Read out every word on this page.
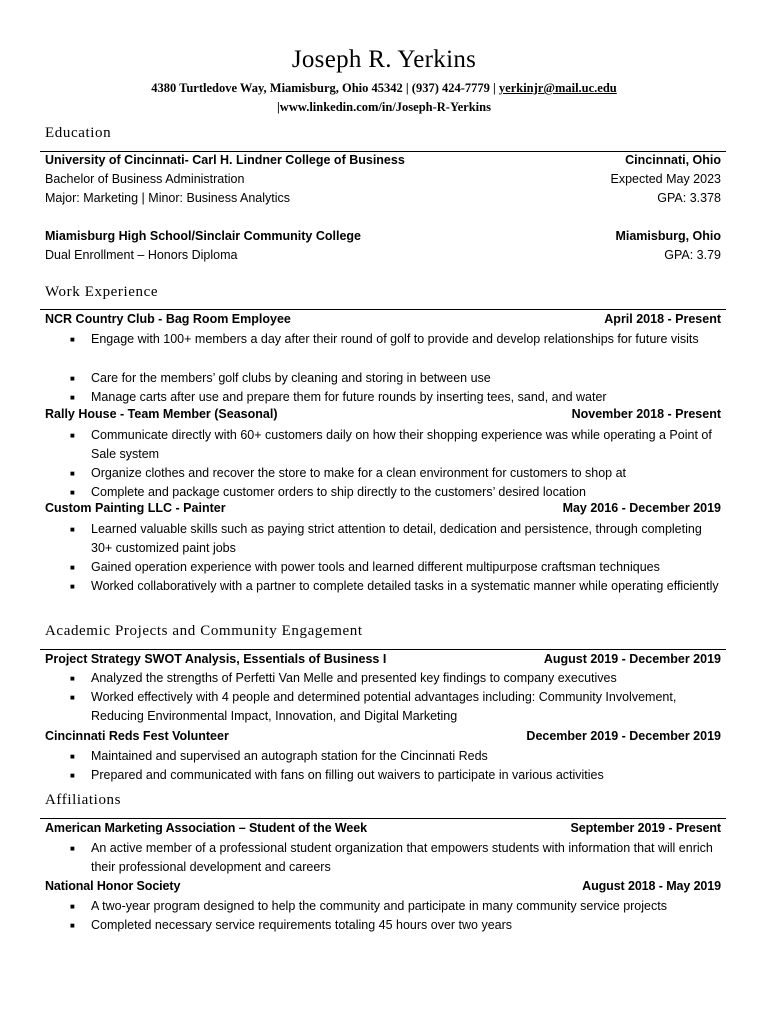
Joseph R. Yerkins
4380 Turtledove Way, Miamisburg, Ohio 45342 | (937) 424-7779 | yerkinjr@mail.uc.edu
|www.linkedin.com/in/Joseph-R-Yerkins
Education
University of Cincinnati- Carl H. Lindner College of Business	Cincinnati, Ohio
Bachelor of Business Administration	Expected May 2023
Major: Marketing | Minor: Business Analytics	GPA: 3.378
Miamisburg High School/Sinclair Community College	Miamisburg, Ohio
Dual Enrollment – Honors Diploma	GPA: 3.79
Work Experience
NCR Country Club - Bag Room Employee	April 2018 - Present
■ Engage with 100+ members a day after their round of golf to provide and develop relationships for future visits
■ Care for the members’ golf clubs by cleaning and storing in between use
■ Manage carts after use and prepare them for future rounds by inserting tees, sand, and water
Rally House - Team Member (Seasonal)	November 2018 - Present
■ Communicate directly with 60+ customers daily on how their shopping experience was while operating a Point of Sale system
■ Organize clothes and recover the store to make for a clean environment for customers to shop at
■ Complete and package customer orders to ship directly to the customers’ desired location
Custom Painting LLC - Painter	May 2016 - December 2019
■ Learned valuable skills such as paying strict attention to detail, dedication and persistence, through completing 30+ customized paint jobs
■ Gained operation experience with power tools and learned different multipurpose craftsman techniques
■ Worked collaboratively with a partner to complete detailed tasks in a systematic manner while operating efficiently
Academic Projects and Community Engagement
Project Strategy SWOT Analysis, Essentials of Business I	August 2019 - December 2019
■ Analyzed the strengths of Perfetti Van Melle and presented key findings to company executives
■ Worked effectively with 4 people and determined potential advantages including: Community Involvement, Reducing Environmental Impact, Innovation, and Digital Marketing
Cincinnati Reds Fest Volunteer	December 2019 - December 2019
■ Maintained and supervised an autograph station for the Cincinnati Reds
■ Prepared and communicated with fans on filling out waivers to participate in various activities
Affiliations
American Marketing Association – Student of the Week	September 2019 - Present
■ An active member of a professional student organization that empowers students with information that will enrich their professional development and careers
National Honor Society	August 2018 - May 2019
■ A two-year program designed to help the community and participate in many community service projects
■ Completed necessary service requirements totaling 45 hours over two years
